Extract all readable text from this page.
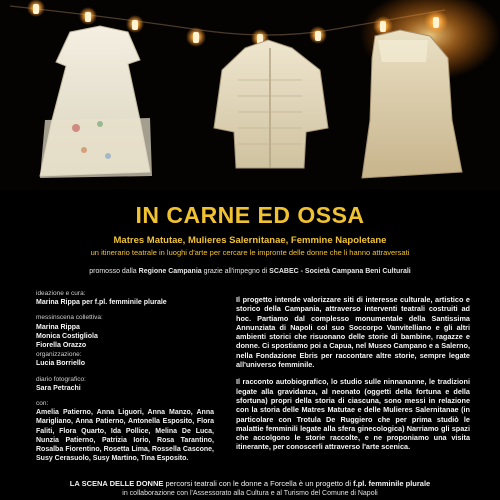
IN CARNE ED OSSA
Matres Matutae, Mulieres Salernitanae, Femmine Napoletane
un itinerario teatrale in luoghi d'arte per cercare le impronte delle donne che li hanno attraversati
promosso dalla Regione Campania grazie all'impegno di SCABEC - Società Campana Beni Culturali
ideazione e cura:
Marina Rippa per f.pl. femminile plurale
messinscena collettiva:
Marina Rippa
Monica Costigliola
Fiorella Orazzo
organizzazione:
Lucia Borriello
diario fotografico:
Sara Petrachi
con:
Amelia Patierno, Anna Liguori, Anna Manzo, Anna Marigliano, Anna Patierno, Antonella Esposito, Flora Faliti, Flora Quarto, Ida Pollice, Melina De Luca, Nunzia Patierno, Patrizia Iorio, Rosa Tarantino, Rosalba Fiorentino, Rosetta Lima, Rossella Cascone, Susy Cerasuolo, Susy Martino, Tina Esposito.

Il progetto intende valorizzare siti di interesse culturale, artistico e storico della Campania, attraverso interventi teatrali costruiti ad hoc. Partiamo dal complesso monumentale della Santissima Annunziata di Napoli col suo Soccorpo Vanvitelliano e gli altri ambienti storici che risuonano delle storie di bambine, ragazze e donne. Ci spostiamo poi a Capua, nel Museo Campano e a Salerno, nella Fondazione Ebris per raccontare altre storie, sempre legate all'universo femminile.

Il racconto autobiografico, lo studio sulle ninnananne, le tradizioni legate alla gravidanza, al neonato (oggetti della fortuna e della sfortuna) propri della storia di ciascuna, sono messi in relazione con la storia delle Matres Matutae e delle Mulieres Salernitanae (in particolare con Trotula De Ruggiero che per prima studiò le malattie femminili legate alla sfera ginecologica) Narriamo gli spazi che accolgono le storie raccolte, e ne proponiamo una visita itinerante, per conoscerli attraverso l'arte scenica.

LA SCENA DELLE DONNE percorsi teatrali con le donne a Forcella è un progetto di f.pl. femminile plurale
in collaborazione con l'Assessorato alla Cultura e al Turismo del Comune di Napoli
